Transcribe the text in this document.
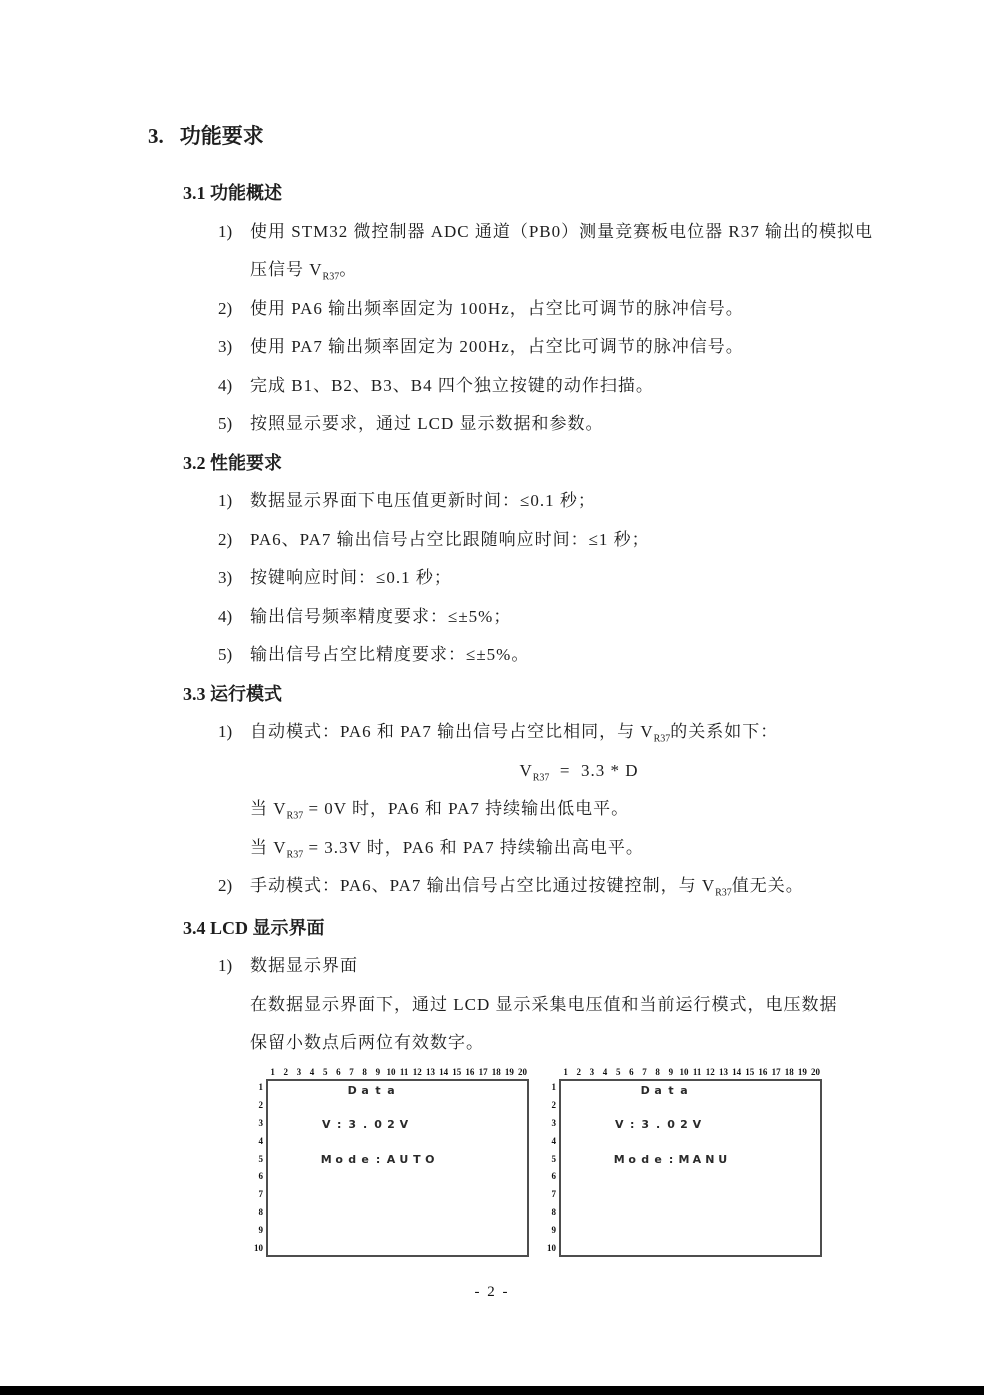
3. 功能要求
3.1 功能概述
1) 使用 STM32 微控制器 ADC 通道（PB0）测量竞赛板电位器 R37 输出的模拟电
压信号 $V_{R37}$。
2) 使用 PA6 输出频率固定为 100Hz，占空比可调节的脉冲信号。
3) 使用 PA7 输出频率固定为 200Hz，占空比可调节的脉冲信号。
4) 完成 B1、B2、B3、B4 四个独立按键的动作扫描。
5) 按照显示要求，通过 LCD 显示数据和参数。
3.2 性能要求
1) 数据显示界面下电压值更新时间：≤0.1 秒；
2) PA6、PA7 输出信号占空比跟随响应时间：≤1 秒；
3) 按键响应时间：≤0.1 秒；
4) 输出信号频率精度要求：≤±5%；
5) 输出信号占空比精度要求：≤±5%。
3.3 运行模式
1) 自动模式：PA6 和 PA7 输出信号占空比相同，与 $V_{R37}$的关系如下：
$V_{R37} = 3.3 * D$
当 $V_{R37} = 0V$ 时，PA6 和 PA7 持续输出低电平。
当 $V_{R37} = 3.3V$ 时，PA6 和 PA7 持续输出高电平。
2) 手动模式：PA6、PA7 输出信号占空比通过按键控制，与 $V_{R37}$值无关。
3.4 LCD 显示界面
1) 数据显示界面
在数据显示界面下，通过 LCD 显示采集电压值和当前运行模式，电压数据
保留小数点后两位有效数字。
1 2 3 4 5 6 7 8 9 10 11 12 13 14 15 16 17 18 19 20
1
2
3
4
5
6
7
8
9
10
D a t a
V : 3 . 0 2 V
M o d e : A U T O
1 2 3 4 5 6 7 8 9 10 11 12 13 14 15 16 17 18 19 20
1
2
3
4
5
6
7
8
9
10
D a t a
V : 3 . 0 2 V
M o d e : M A N U
- 2 -
